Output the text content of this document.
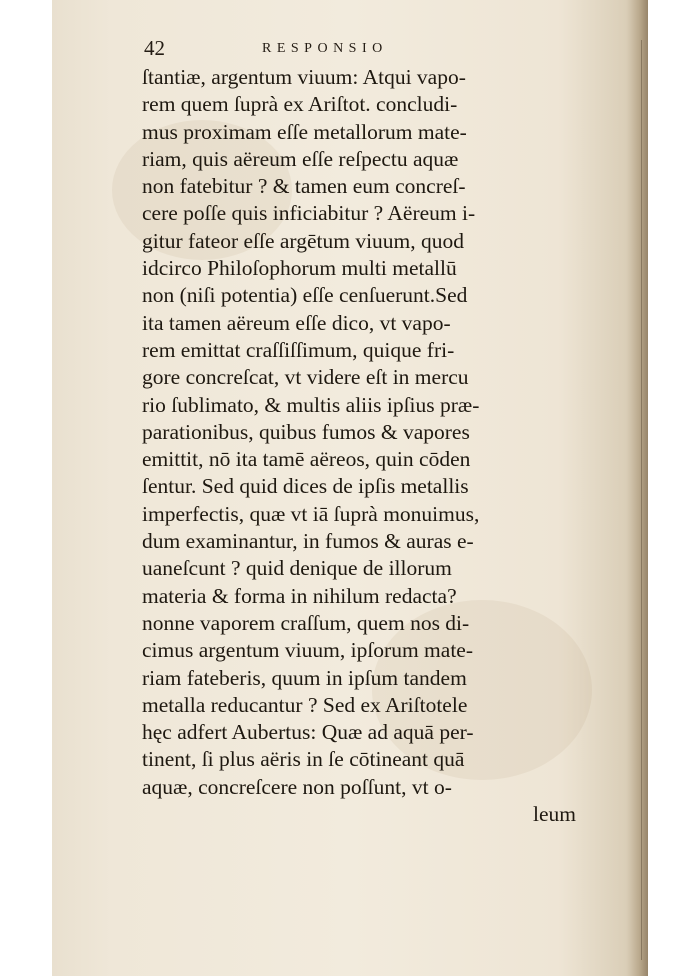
42	RESPONSIO
ſtantiæ, argentum viuum: Atqui vapo-
rem quem ſuprà ex Ariſtot. concludi-
mus proximam eſſe metallorum mate-
riam, quis aëreum eſſe reſpectu aquæ
non fatebitur ? & tamen eum concreſ-
cere poſſe quis inficiabitur ? Aëreum i-
gitur fateor eſſe argētum viuum, quod
idcirco Philoſophorum multi metallū
non (niſi potentia) eſſe cenſuerunt.Sed
ita tamen aëreum eſſe dico, vt vapo-
rem emittat craſſiſſimum, quique fri-
gore concreſcat, vt videre eſt in mercu
rio ſublimato, & multis aliis ipſius præ-
parationibus, quibus fumos & vapores
emittit, nō ita tamē aëreos, quin cōden
ſentur. Sed quid dices de ipſis metallis
imperfectis, quæ vt iā ſuprà monuimus,
dum examinantur, in fumos & auras e-
uaneſcunt ? quid denique de illorum
materia & forma in nihilum redacta?
nonne vaporem craſſum, quem nos di-
cimus argentum viuum, ipſorum mate-
riam fateberis, quum in ipſum tandem
metalla reducantur ? Sed ex Ariſtotele
hęc adfert Aubertus: Quæ ad aquā per-
tinent, ſi plus aëris in ſe cōtineant quā
aquæ, concreſcere non poſſunt, vt o-
leum
